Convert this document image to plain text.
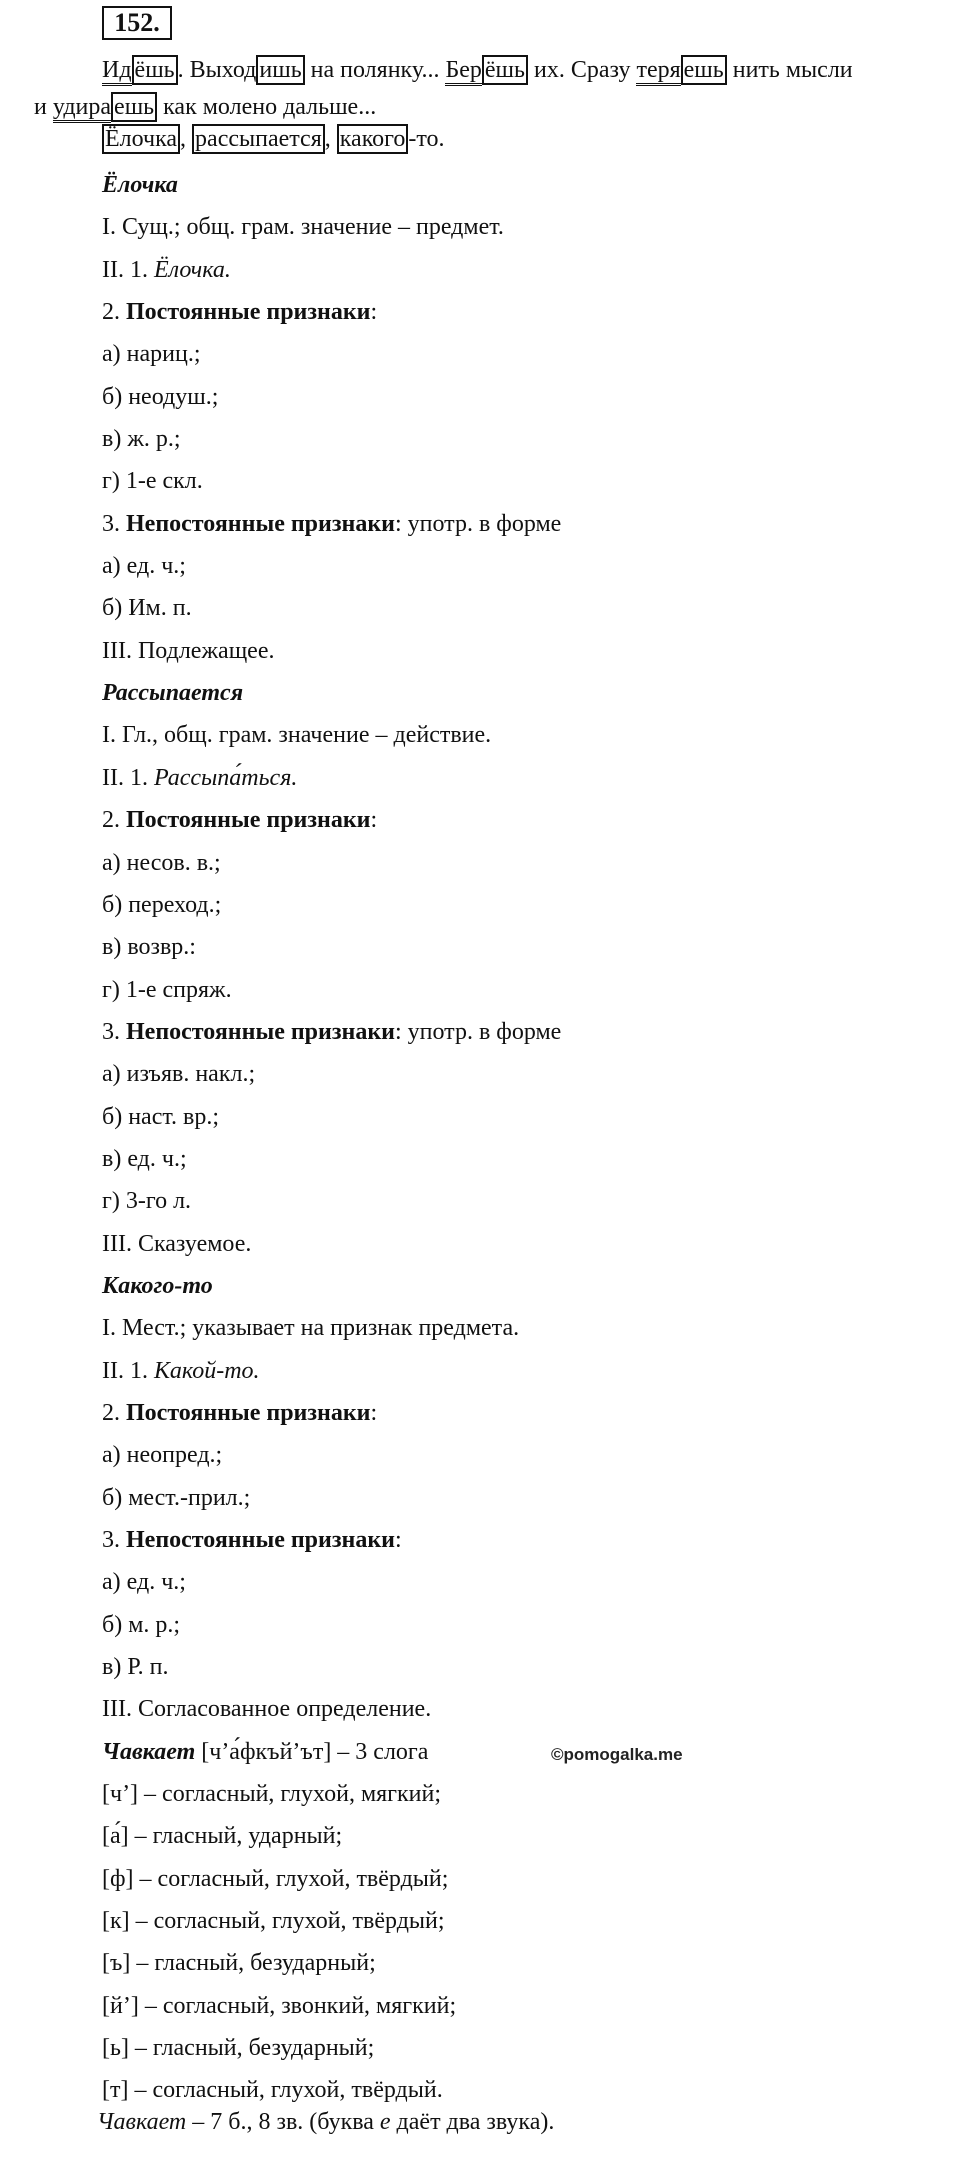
152.

Ид ёшь . Выход ишь на полянку... Бер ёшь их. Сразу теря ешь нить мысли

и удира ешь как молено дальше...

Ёлочка , рассыпается , какого -то.
Ёлочка
I. Сущ.; общ. грам. значение – предмет.
II. 1. Ёлочка.
2. Постоянные признаки:
а) нариц.;
б) неодуш.;
в) ж. р.;
г) 1-е скл.
3. Непостоянные признаки: употр. в форме
а) ед. ч.;
б) Им. п.
III. Подлежащее.
Рассыпается
I. Гл., общ. грам. значение – действие.
II. 1. Рассыпа́ться.
2. Постоянные признаки:
а) несов. в.;
б) переход.;
в) возвр.:
г) 1-е спряж.
3. Непостоянные признаки: употр. в форме
а) изъяв. накл.;
б) наст. вр.;
в) ед. ч.;
г) 3-го л.
III. Сказуемое.
Какого-то
I. Мест.; указывает на признак предмета.
II. 1. Какой-то.
2. Постоянные признаки:
а) неопред.;
б) мест.-прил.;
3. Непостоянные признаки:
а) ед. ч.;
б) м. р.;
в) Р. п.
III. Согласованное определение.
Чавкает [ч’а́фкъй’ът] – 3 слога
[ч’] – согласный, глухой, мягкий;
[а́] – гласный, ударный;
[ф] – согласный, глухой, твёрдый;
[к] – согласный, глухой, твёрдый;
[ъ] – гласный, безударный;
[й’] – согласный, звонкий, мягкий;
[ь] – гласный, безударный;
[т] – согласный, глухой, твёрдый.
©pomogalka.me
Чавкает – 7 б., 8 зв. (буква е даёт два звука).
